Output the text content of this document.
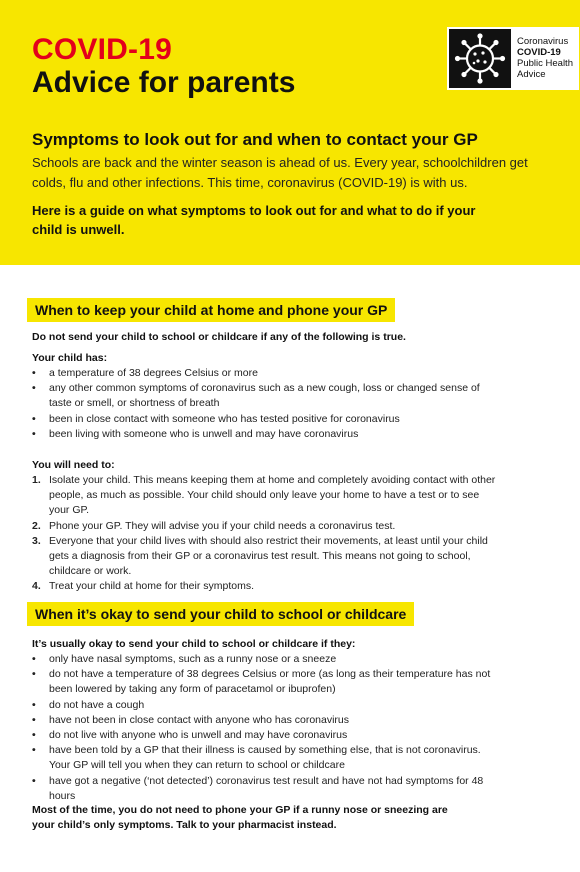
COVID-19
Advice for parents
Coronavirus
COVID-19
Public Health
Advice
Symptoms to look out for and when to contact your GP
Schools are back and the winter season is ahead of us. Every year, schoolchildren get colds, flu and other infections. This time, coronavirus (COVID-19) is with us.
Here is a guide on what symptoms to look out for and what to do if your child is unwell.
When to keep your child at home and phone your GP
Do not send your child to school or childcare if any of the following is true.
Your child has:
• a temperature of 38 degrees Celsius or more
• any other common symptoms of coronavirus such as a new cough, loss or changed sense of taste or smell, or shortness of breath
• been in close contact with someone who has tested positive for coronavirus
• been living with someone who is unwell and may have coronavirus
You will need to:
1. Isolate your child. This means keeping them at home and completely avoiding contact with other people, as much as possible. Your child should only leave your home to have a test or to see your GP.
2. Phone your GP. They will advise you if your child needs a coronavirus test.
3. Everyone that your child lives with should also restrict their movements, at least until your child gets a diagnosis from their GP or a coronavirus test result. This means not going to school, childcare or work.
4. Treat your child at home for their symptoms.
When it’s okay to send your child to school or childcare
It’s usually okay to send your child to school or childcare if they:
• only have nasal symptoms, such as a runny nose or a sneeze
• do not have a temperature of 38 degrees Celsius or more (as long as their temperature has not been lowered by taking any form of paracetamol or ibuprofen)
• do not have a cough
• have not been in close contact with anyone who has coronavirus
• do not live with anyone who is unwell and may have coronavirus
• have been told by a GP that their illness is caused by something else, that is not coronavirus. Your GP will tell you when they can return to school or childcare
• have got a negative (‘not detected’) coronavirus test result and have not had symptoms for 48 hours
Most of the time, you do not need to phone your GP if a runny nose or sneezing are your child’s only symptoms. Talk to your pharmacist instead.
